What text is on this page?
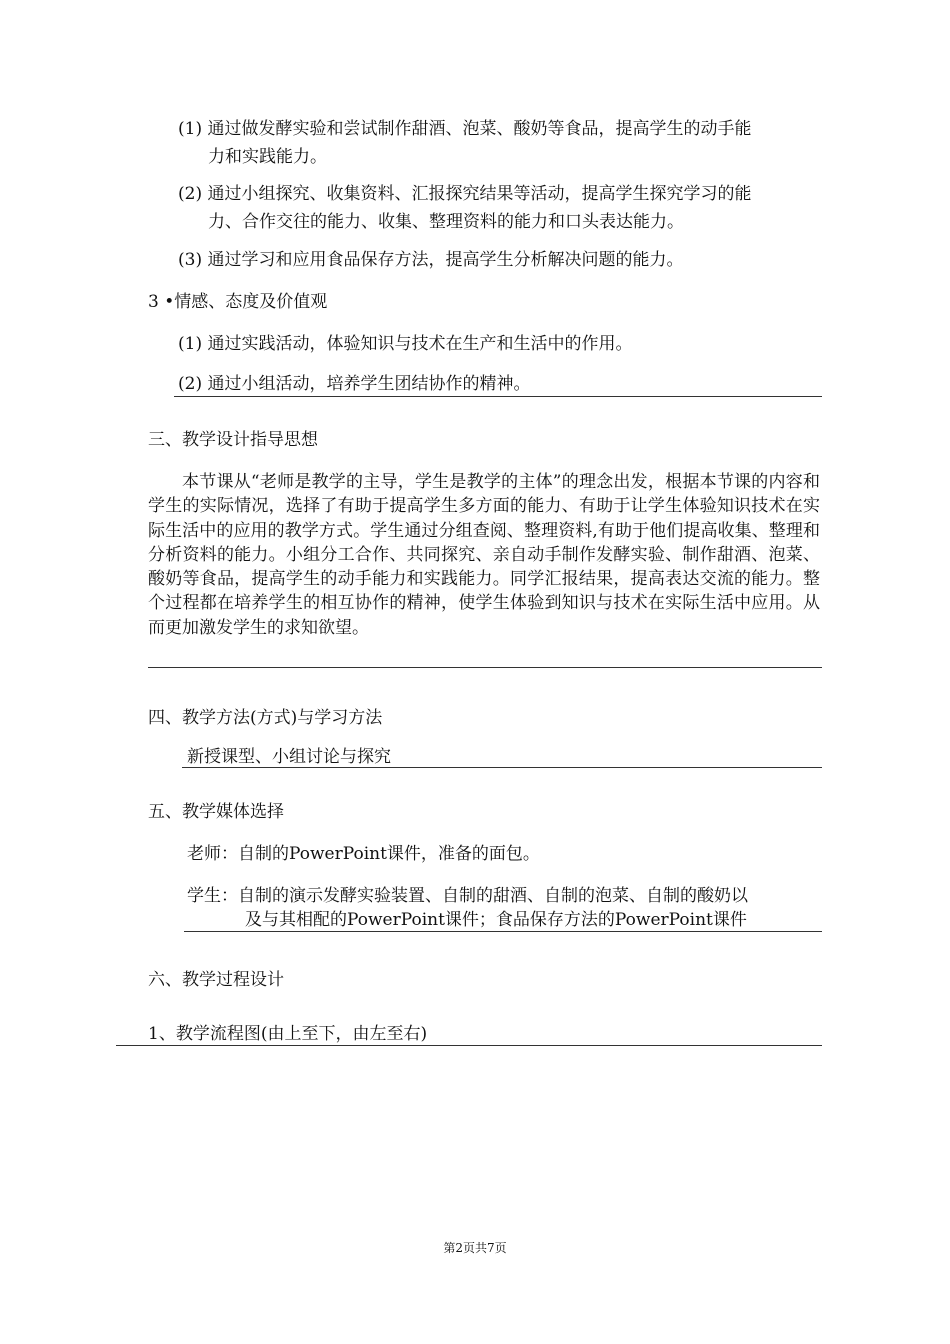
(1) 通过做发酵实验和尝试制作甜酒、泡菜、酸奶等食品，提高学生的动手能
力和实践能力。
(2) 通过小组探究、收集资料、汇报探究结果等活动，提高学生探究学习的能
力、合作交往的能力、收集、整理资料的能力和口头表达能力。
(3) 通过学习和应用食品保存方法，提高学生分析解决问题的能力。
3 •情感、态度及价值观
(1) 通过实践活动，体验知识与技术在生产和生活中的作用。
(2) 通过小组活动，培养学生团结协作的精神。
三、教学设计指导思想
本节课从“老师是教学的主导，学生是教学的主体”的理念出发，根据本节课的内容和学生的实际情况，选择了有助于提高学生多方面的能力、有助于让学生体验知识技术在实际生活中的应用的教学方式。学生通过分组查阅、整理资料,有助于他们提高收集、整理和分析资料的能力。小组分工合作、共同探究、亲自动手制作发酵实验、制作甜酒、泡菜、酸奶等食品，提高学生的动手能力和实践能力。同学汇报结果，提高表达交流的能力。整个过程都在培养学生的相互协作的精神，使学生体验到知识与技术在实际生活中应用。从而更加激发学生的求知欲望。
四、教学方法(方式)与学习方法
新授课型、小组讨论与探究
五、教学媒体选择
老师：自制的PowerPoint课件，准备的面包。
学生：自制的演示发酵实验装置、自制的甜酒、自制的泡菜、自制的酸奶以
及与其相配的PowerPoint课件；食品保存方法的PowerPoint课件
六、教学过程设计
1、教学流程图(由上至下，由左至右)
第2页共7页
